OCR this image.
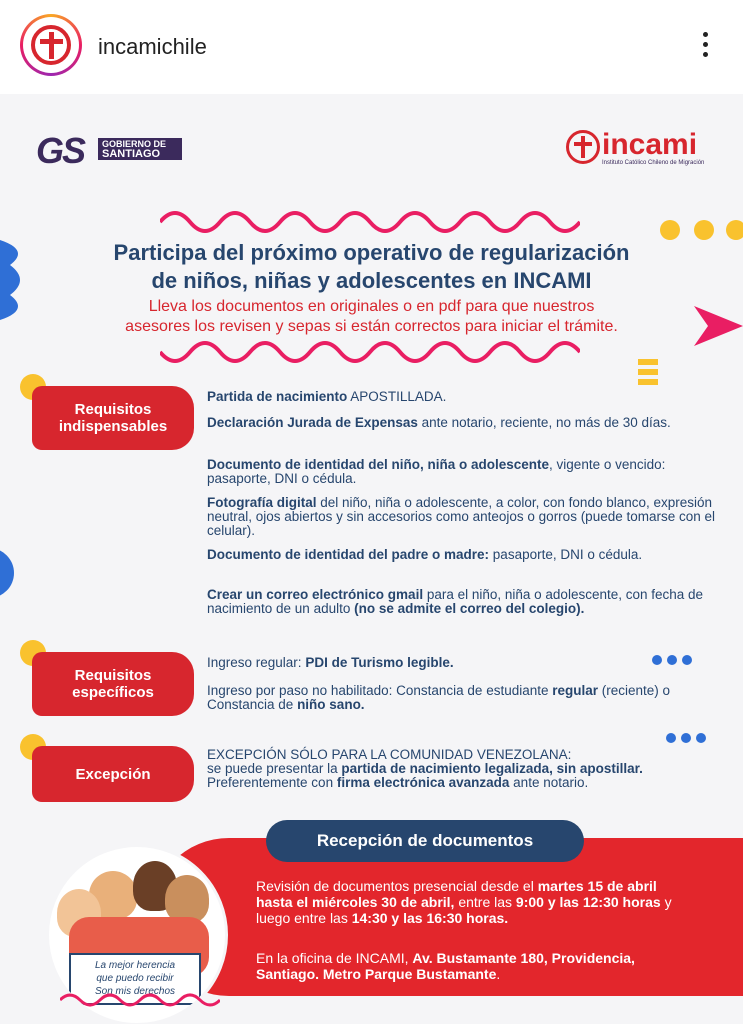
incamichile
GS GOBIERNO DE
SANTIAGO	incami
Instituto Católico Chileno de Migración
Participa del próximo operativo de regularización
de niños, niñas y adolescentes en INCAMI
Lleva los documentos en originales o en pdf para que nuestros
asesores los revisen y sepas si están correctos para iniciar el trámite.
Requisitos
indispensables
Partida de nacimiento APOSTILLADA.
Declaración Jurada de Expensas ante notario, reciente, no más de 30 días.
Documento de identidad del niño, niña o adolescente, vigente o vencido: pasaporte, DNI o cédula.
Fotografía digital del niño, niña o adolescente, a color, con fondo blanco, expresión neutral, ojos abiertos y sin accesorios como anteojos o gorros (puede tomarse con el celular).
Documento de identidad del padre o madre: pasaporte, DNI o cédula.
Crear un correo electrónico gmail para el niño, niña o adolescente, con fecha de nacimiento de un adulto (no se admite el correo del colegio).
Requisitos
específicos
Ingreso regular: PDI de Turismo legible.
Ingreso por paso no habilitado: Constancia de estudiante regular (reciente) o Constancia de niño sano.
Excepción
EXCEPCIÓN SÓLO PARA LA COMUNIDAD VENEZOLANA:
se puede presentar la partida de nacimiento legalizada, sin apostillar. Preferentemente con firma electrónica avanzada ante notario.
Recepción de documentos
Revisión de documentos presencial desde el martes 15 de abril hasta el miércoles 30 de abril, entre las 9:00 y las 12:30 horas y luego entre las 14:30 y las 16:30 horas.
En la oficina de INCAMI, Av. Bustamante 180, Providencia, Santiago. Metro Parque Bustamante.
La mejor herencia
que puedo recibir
Son mis derechos
